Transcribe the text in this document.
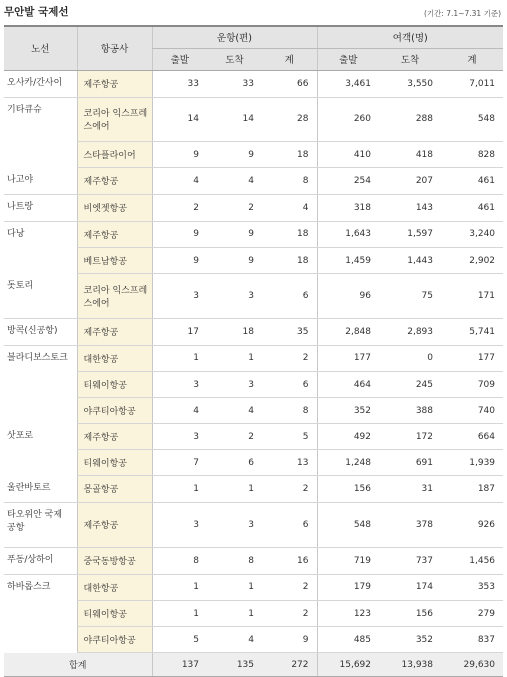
무안발 국제선	(기간: 7.1~7.31 기준)
노선	항공사	운항(편)			여객(명)		
		출발	도착	계	출발	도착	계
오사카/간사이	제주항공	33	33	66	3,461	3,550	7,011
기타큐슈	코리아 익스프레스에어	14	14	28	260	288	548
	스타플라이어	9	9	18	410	418	828
나고야	제주항공	4	4	8	254	207	461
나트랑	비엣젯항공	2	2	4	318	143	461
다낭	제주항공	9	9	18	1,643	1,597	3,240
	베트남항공	9	9	18	1,459	1,443	2,902
돗토리	코리아 익스프레스에어	3	3	6	96	75	171
방콕(신공항)	제주항공	17	18	35	2,848	2,893	5,741
블라디보스토크	대한항공	1	1	2	177	0	177
	티웨이항공	3	3	6	464	245	709
	야쿠티아항공	4	4	8	352	388	740
삿포로	제주항공	3	2	5	492	172	664
	티웨이항공	7	6	13	1,248	691	1,939
울란바토르	몽골항공	1	1	2	156	31	187
타오위안 국제 공항	제주항공	3	3	6	548	378	926
푸동/상하이	중국동방항공	8	8	16	719	737	1,456
하바롭스크	대한항공	1	1	2	179	174	353
	티웨이항공	1	1	2	123	156	279
	야쿠티아항공	5	4	9	485	352	837
합계		137	135	272	15,692	13,938	29,630
